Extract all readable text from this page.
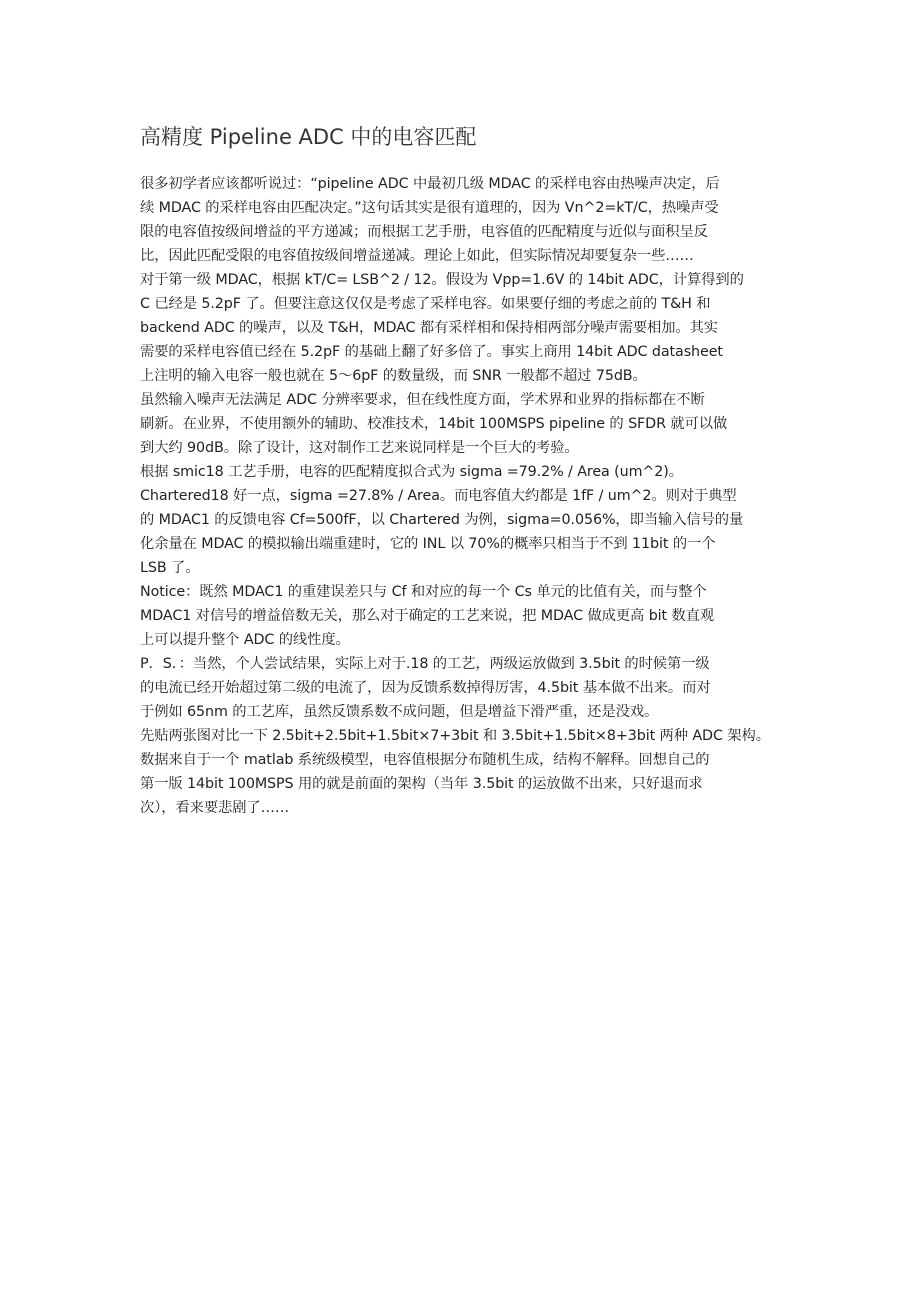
高精度 Pipeline ADC 中的电容匹配
很多初学者应该都听说过：“pipeline ADC 中最初几级 MDAC 的采样电容由热噪声决定，后
续 MDAC 的采样电容由匹配决定。”这句话其实是很有道理的，因为 Vn^2=kT/C，热噪声受
限的电容值按级间增益的平方递减；而根据工艺手册，电容值的匹配精度与近似与面积呈反
比，因此匹配受限的电容值按级间增益递减。理论上如此，但实际情况却要复杂一些……
对于第一级 MDAC，根据 kT/C= LSB^2 / 12。假设为 Vpp=1.6V 的 14bit ADC，计算得到的
C 已经是 5.2pF 了。但要注意这仅仅是考虑了采样电容。如果要仔细的考虑之前的 T&H 和
backend ADC 的噪声，以及 T&H，MDAC 都有采样相和保持相两部分噪声需要相加。其实
需要的采样电容值已经在 5.2pF 的基础上翻了好多倍了。事实上商用 14bit ADC datasheet
上注明的输入电容一般也就在 5～6pF 的数量级，而 SNR 一般都不超过 75dB。
虽然输入噪声无法满足 ADC 分辨率要求，但在线性度方面，学术界和业界的指标都在不断
刷新。在业界，不使用额外的辅助、校准技术，14bit 100MSPS pipeline 的 SFDR 就可以做
到大约 90dB。除了设计，这对制作工艺来说同样是一个巨大的考验。
根据 smic18 工艺手册，电容的匹配精度拟合式为 sigma =79.2% / Area (um^2)。
Chartered18 好一点，sigma =27.8% / Area。而电容值大约都是 1fF / um^2。则对于典型
的 MDAC1 的反馈电容 Cf=500fF，以 Chartered 为例，sigma=0.056%，即当输入信号的量
化余量在 MDAC 的模拟输出端重建时，它的 INL 以 70%的概率只相当于不到 11bit 的一个
LSB 了。
Notice：既然 MDAC1 的重建误差只与 Cf 和对应的每一个 Cs 单元的比值有关，而与整个
MDAC1 对信号的增益倍数无关，那么对于确定的工艺来说，把 MDAC 做成更高 bit 数直观
上可以提升整个 ADC 的线性度。
P．S．：当然，个人尝试结果，实际上对于.18 的工艺，两级运放做到 3.5bit 的时候第一级
的电流已经开始超过第二级的电流了，因为反馈系数掉得厉害，4.5bit 基本做不出来。而对
于例如 65nm 的工艺库，虽然反馈系数不成问题，但是增益下滑严重，还是没戏。
先贴两张图对比一下 2.5bit+2.5bit+1.5bit×7+3bit 和 3.5bit+1.5bit×8+3bit 两种 ADC 架构。
数据来自于一个 matlab 系统级模型，电容值根据分布随机生成，结构不解释。回想自己的
第一版 14bit 100MSPS 用的就是前面的架构（当年 3.5bit 的运放做不出来，只好退而求
次），看来要悲剧了……
